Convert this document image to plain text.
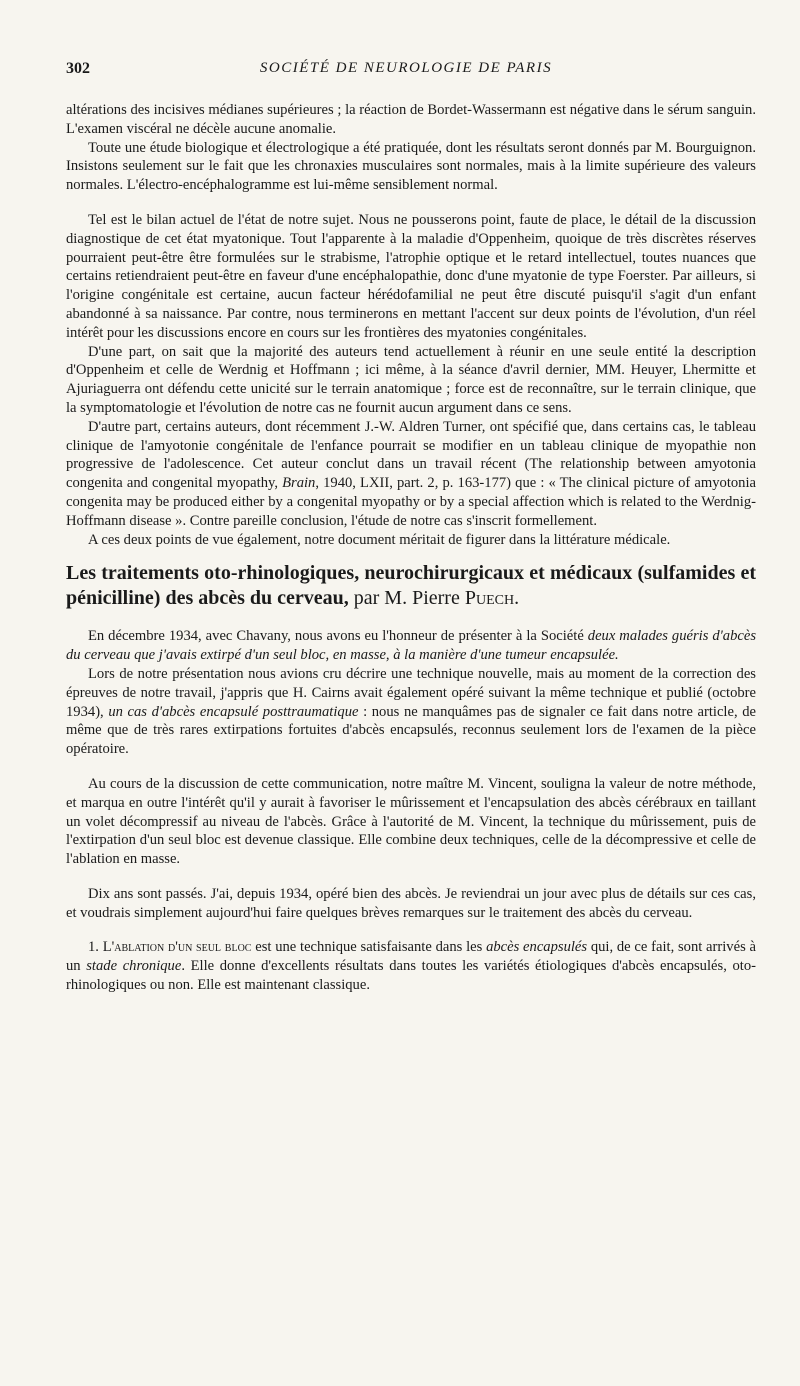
302	SOCIÉTÉ DE NEUROLOGIE DE PARIS

altérations des incisives médianes supérieures ; la réaction de Bordet-Wassermann est négative dans le sérum sanguin. L'examen viscéral ne décèle aucune anomalie.

Toute une étude biologique et électrologique a été pratiquée, dont les résultats seront donnés par M. Bourguignon. Insistons seulement sur le fait que les chronaxies musculaires sont normales, mais à la limite supérieure des valeurs normales. L'électro-encéphalogramme est lui-même sensiblement normal.

Tel est le bilan actuel de l'état de notre sujet. Nous ne pousserons point, faute de place, le détail de la discussion diagnostique de cet état myatonique. Tout l'apparente à la maladie d'Oppenheim, quoique de très discrètes réserves pourraient peut-être être formulées sur le strabisme, l'atrophie optique et le retard intellectuel, toutes nuances que certains retiendraient peut-être en faveur d'une encéphalopathie, donc d'une myatonie de type Foerster. Par ailleurs, si l'origine congénitale est certaine, aucun facteur hérédofamilial ne peut être discuté puisqu'il s'agit d'un enfant abandonné à sa naissance. Par contre, nous terminerons en mettant l'accent sur deux points de l'évolution, d'un réel intérêt pour les discussions encore en cours sur les frontières des myatonies congénitales.

D'une part, on sait que la majorité des auteurs tend actuellement à réunir en une seule entité la description d'Oppenheim et celle de Werdnig et Hoffmann ; ici même, à la séance d'avril dernier, MM. Heuyer, Lhermitte et Ajuriaguerra ont défendu cette unicité sur le terrain anatomique ; force est de reconnaître, sur le terrain clinique, que la symptomatologie et l'évolution de notre cas ne fournit aucun argument dans ce sens.

D'autre part, certains auteurs, dont récemment J.-W. Aldren Turner, ont spécifié que, dans certains cas, le tableau clinique de l'amyotonie congénitale de l'enfance pourrait se modifier en un tableau clinique de myopathie non progressive de l'adolescence. Cet auteur conclut dans un travail récent (The relationship between amyotonia congenita and congenital myopathy, Brain, 1940, LXII, part. 2, p. 163-177) que : « The clinical picture of amyotonia congenita may be produced either by a congenital myopathy or by a special affection which is related to the Werdnig-Hoffmann disease ». Contre pareille conclusion, l'étude de notre cas s'inscrit formellement.

A ces deux points de vue également, notre document méritait de figurer dans la littérature médicale.

Les traitements oto-rhinologiques, neurochirurgicaux et médicaux (sulfamides et pénicilline) des abcès du cerveau, par M. Pierre Puech.

En décembre 1934, avec Chavany, nous avons eu l'honneur de présenter à la Société deux malades guéris d'abcès du cerveau que j'avais extirpé d'un seul bloc, en masse, à la manière d'une tumeur encapsulée.

Lors de notre présentation nous avions cru décrire une technique nouvelle, mais au moment de la correction des épreuves de notre travail, j'appris que H. Cairns avait également opéré suivant la même technique et publié (octobre 1934), un cas d'abcès encapsulé posttraumatique : nous ne manquâmes pas de signaler ce fait dans notre article, de même que de très rares extirpations fortuites d'abcès encapsulés, reconnus seulement lors de l'examen de la pièce opératoire.

Au cours de la discussion de cette communication, notre maître M. Vincent, souligna la valeur de notre méthode, et marqua en outre l'intérêt qu'il y aurait à favoriser le mûrissement et l'encapsulation des abcès cérébraux en taillant un volet décompressif au niveau de l'abcès. Grâce à l'autorité de M. Vincent, la technique du mûrissement, puis de l'extirpation d'un seul bloc est devenue classique. Elle combine deux techniques, celle de la décompressive et celle de l'ablation en masse.

Dix ans sont passés. J'ai, depuis 1934, opéré bien des abcès. Je reviendrai un jour avec plus de détails sur ces cas, et voudrais simplement aujourd'hui faire quelques brèves remarques sur le traitement des abcès du cerveau.

1. L'ablation d'un seul bloc est une technique satisfaisante dans les abcès encapsulés qui, de ce fait, sont arrivés à un stade chronique. Elle donne d'excellents résultats dans toutes les variétés étiologiques d'abcès encapsulés, oto-rhinologiques ou non. Elle est maintenant classique.
